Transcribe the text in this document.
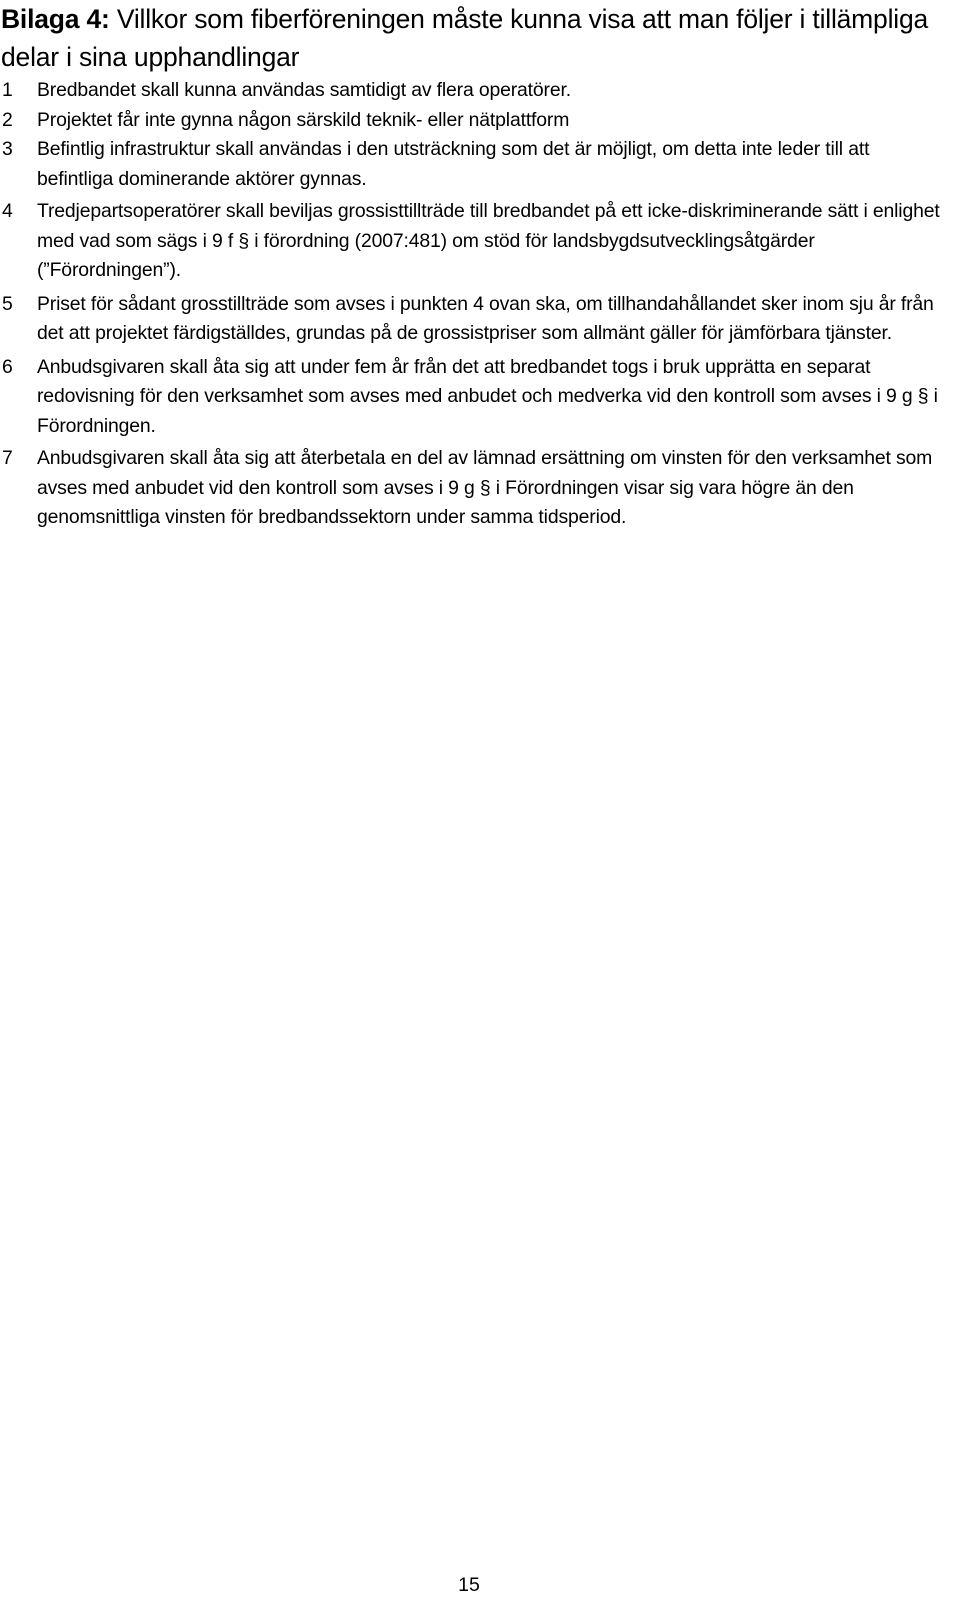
Bilaga 4: Villkor som fiberföreningen måste kunna visa att man följer i tillämpliga delar i sina upphandlingar
1	Bredbandet skall kunna användas samtidigt av flera operatörer.
2	Projektet får inte gynna någon särskild teknik- eller nätplattform
3	Befintlig infrastruktur skall användas i den utsträckning som det är möjligt, om detta inte leder till att befintliga dominerande aktörer gynnas.
4	Tredjepartsoperatörer skall beviljas grossisttillträde till bredbandet på ett icke-diskriminerande sätt i enlighet med vad som sägs i 9 f § i förordning (2007:481) om stöd för landsbygdsutvecklingsåtgärder (”Förordningen”).
5	Priset för sådant grosstillträde som avses i punkten 4 ovan ska, om tillhandahållandet sker inom sju år från det att projektet färdigställdes, grundas på de grossistpriser som allmänt gäller för jämförbara tjänster.
6	Anbudsgivaren skall åta sig att under fem år från det att bredbandet togs i bruk upprätta en separat redovisning för den verksamhet som avses med anbudet och medverka vid den kontroll som avses i 9 g § i Förordningen.
7	Anbudsgivaren skall åta sig att återbetala en del av lämnad ersättning om vinsten för den verksamhet som avses med anbudet vid den kontroll som avses i 9 g § i Förordningen visar sig vara högre än den genomsnittliga vinsten för bredbandssektorn under samma tidsperiod.
15
